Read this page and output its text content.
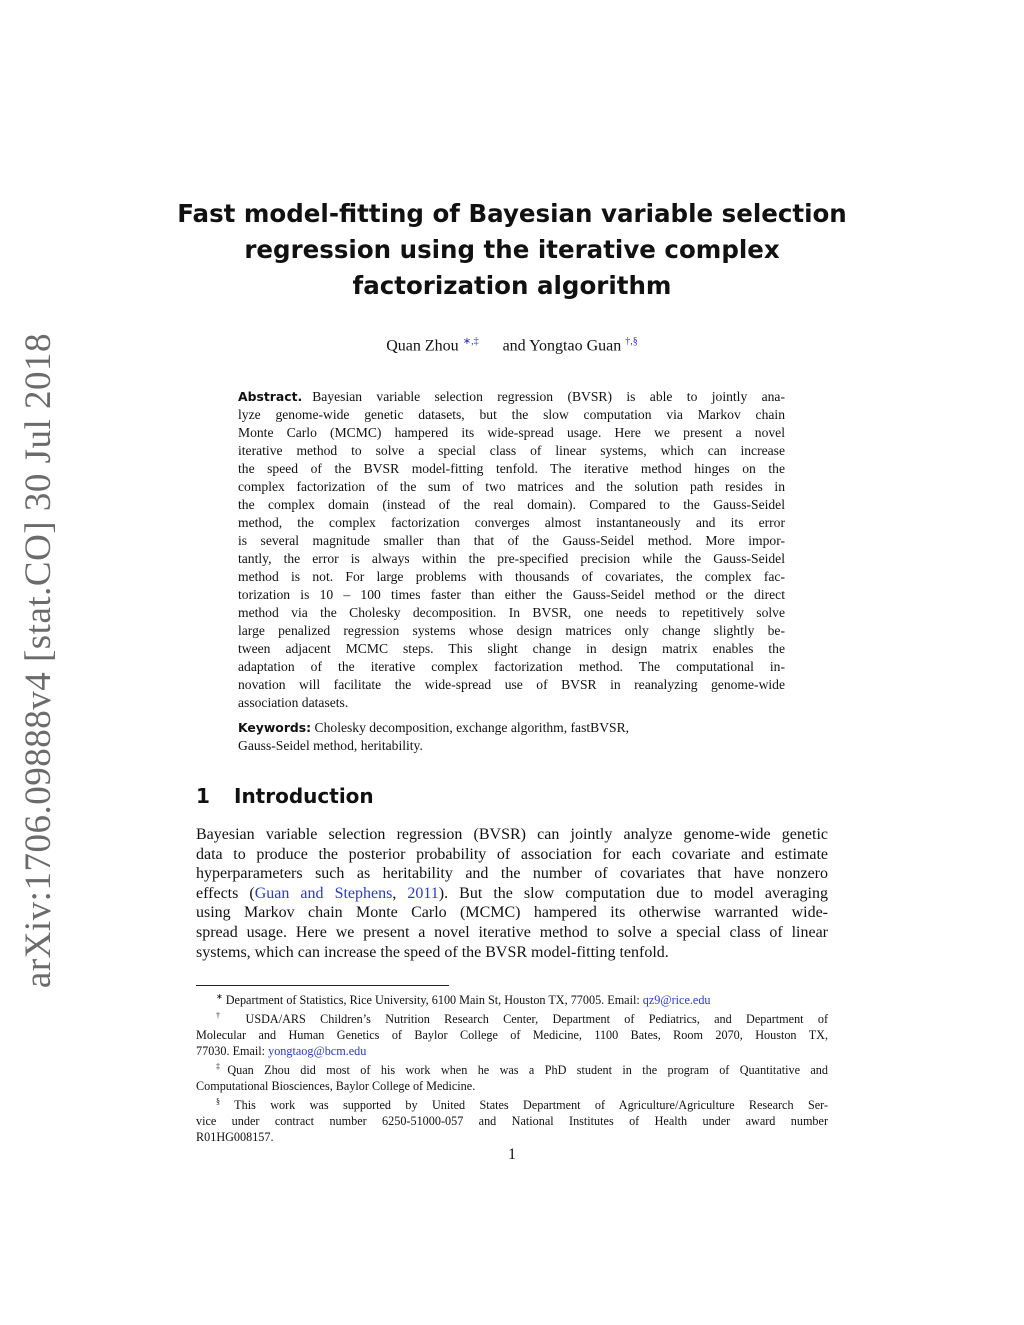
arXiv:1706.09888v4 [stat.CO] 30 Jul 2018
Fast model-fitting of Bayesian variable selection
regression using the iterative complex
factorization algorithm
Quan Zhou ∗,‡ and Yongtao Guan †,§
Abstract. Bayesian variable selection regression (BVSR) is able to jointly ana-
lyze genome-wide genetic datasets, but the slow computation via Markov chain
Monte Carlo (MCMC) hampered its wide-spread usage. Here we present a novel
iterative method to solve a special class of linear systems, which can increase
the speed of the BVSR model-fitting tenfold. The iterative method hinges on the
complex factorization of the sum of two matrices and the solution path resides in
the complex domain (instead of the real domain). Compared to the Gauss-Seidel
method, the complex factorization converges almost instantaneously and its error
is several magnitude smaller than that of the Gauss-Seidel method. More impor-
tantly, the error is always within the pre-specified precision while the Gauss-Seidel
method is not. For large problems with thousands of covariates, the complex fac-
torization is 10 – 100 times faster than either the Gauss-Seidel method or the direct
method via the Cholesky decomposition. In BVSR, one needs to repetitively solve
large penalized regression systems whose design matrices only change slightly be-
tween adjacent MCMC steps. This slight change in design matrix enables the
adaptation of the iterative complex factorization method. The computational in-
novation will facilitate the wide-spread use of BVSR in reanalyzing genome-wide
association datasets.
Keywords: Cholesky decomposition, exchange algorithm, fastBVSR,
Gauss-Seidel method, heritability.
1 Introduction
Bayesian variable selection regression (BVSR) can jointly analyze genome-wide genetic
data to produce the posterior probability of association for each covariate and estimate
hyperparameters such as heritability and the number of covariates that have nonzero
effects (Guan and Stephens, 2011). But the slow computation due to model averaging
using Markov chain Monte Carlo (MCMC) hampered its otherwise warranted wide-
spread usage. Here we present a novel iterative method to solve a special class of linear
systems, which can increase the speed of the BVSR model-fitting tenfold.
∗ Department of Statistics, Rice University, 6100 Main St, Houston TX, 77005. Email: qz9@rice.edu
† USDA/ARS Children’s Nutrition Research Center, Department of Pediatrics, and Department of
Molecular and Human Genetics of Baylor College of Medicine, 1100 Bates, Room 2070, Houston TX,
77030. Email: yongtaog@bcm.edu
‡Quan Zhou did most of his work when he was a PhD student in the program of Quantitative and
Computational Biosciences, Baylor College of Medicine.
§ This work was supported by United States Department of Agriculture/Agriculture Research Ser-
vice under contract number 6250-51000-057 and National Institutes of Health under award number
R01HG008157.
1
